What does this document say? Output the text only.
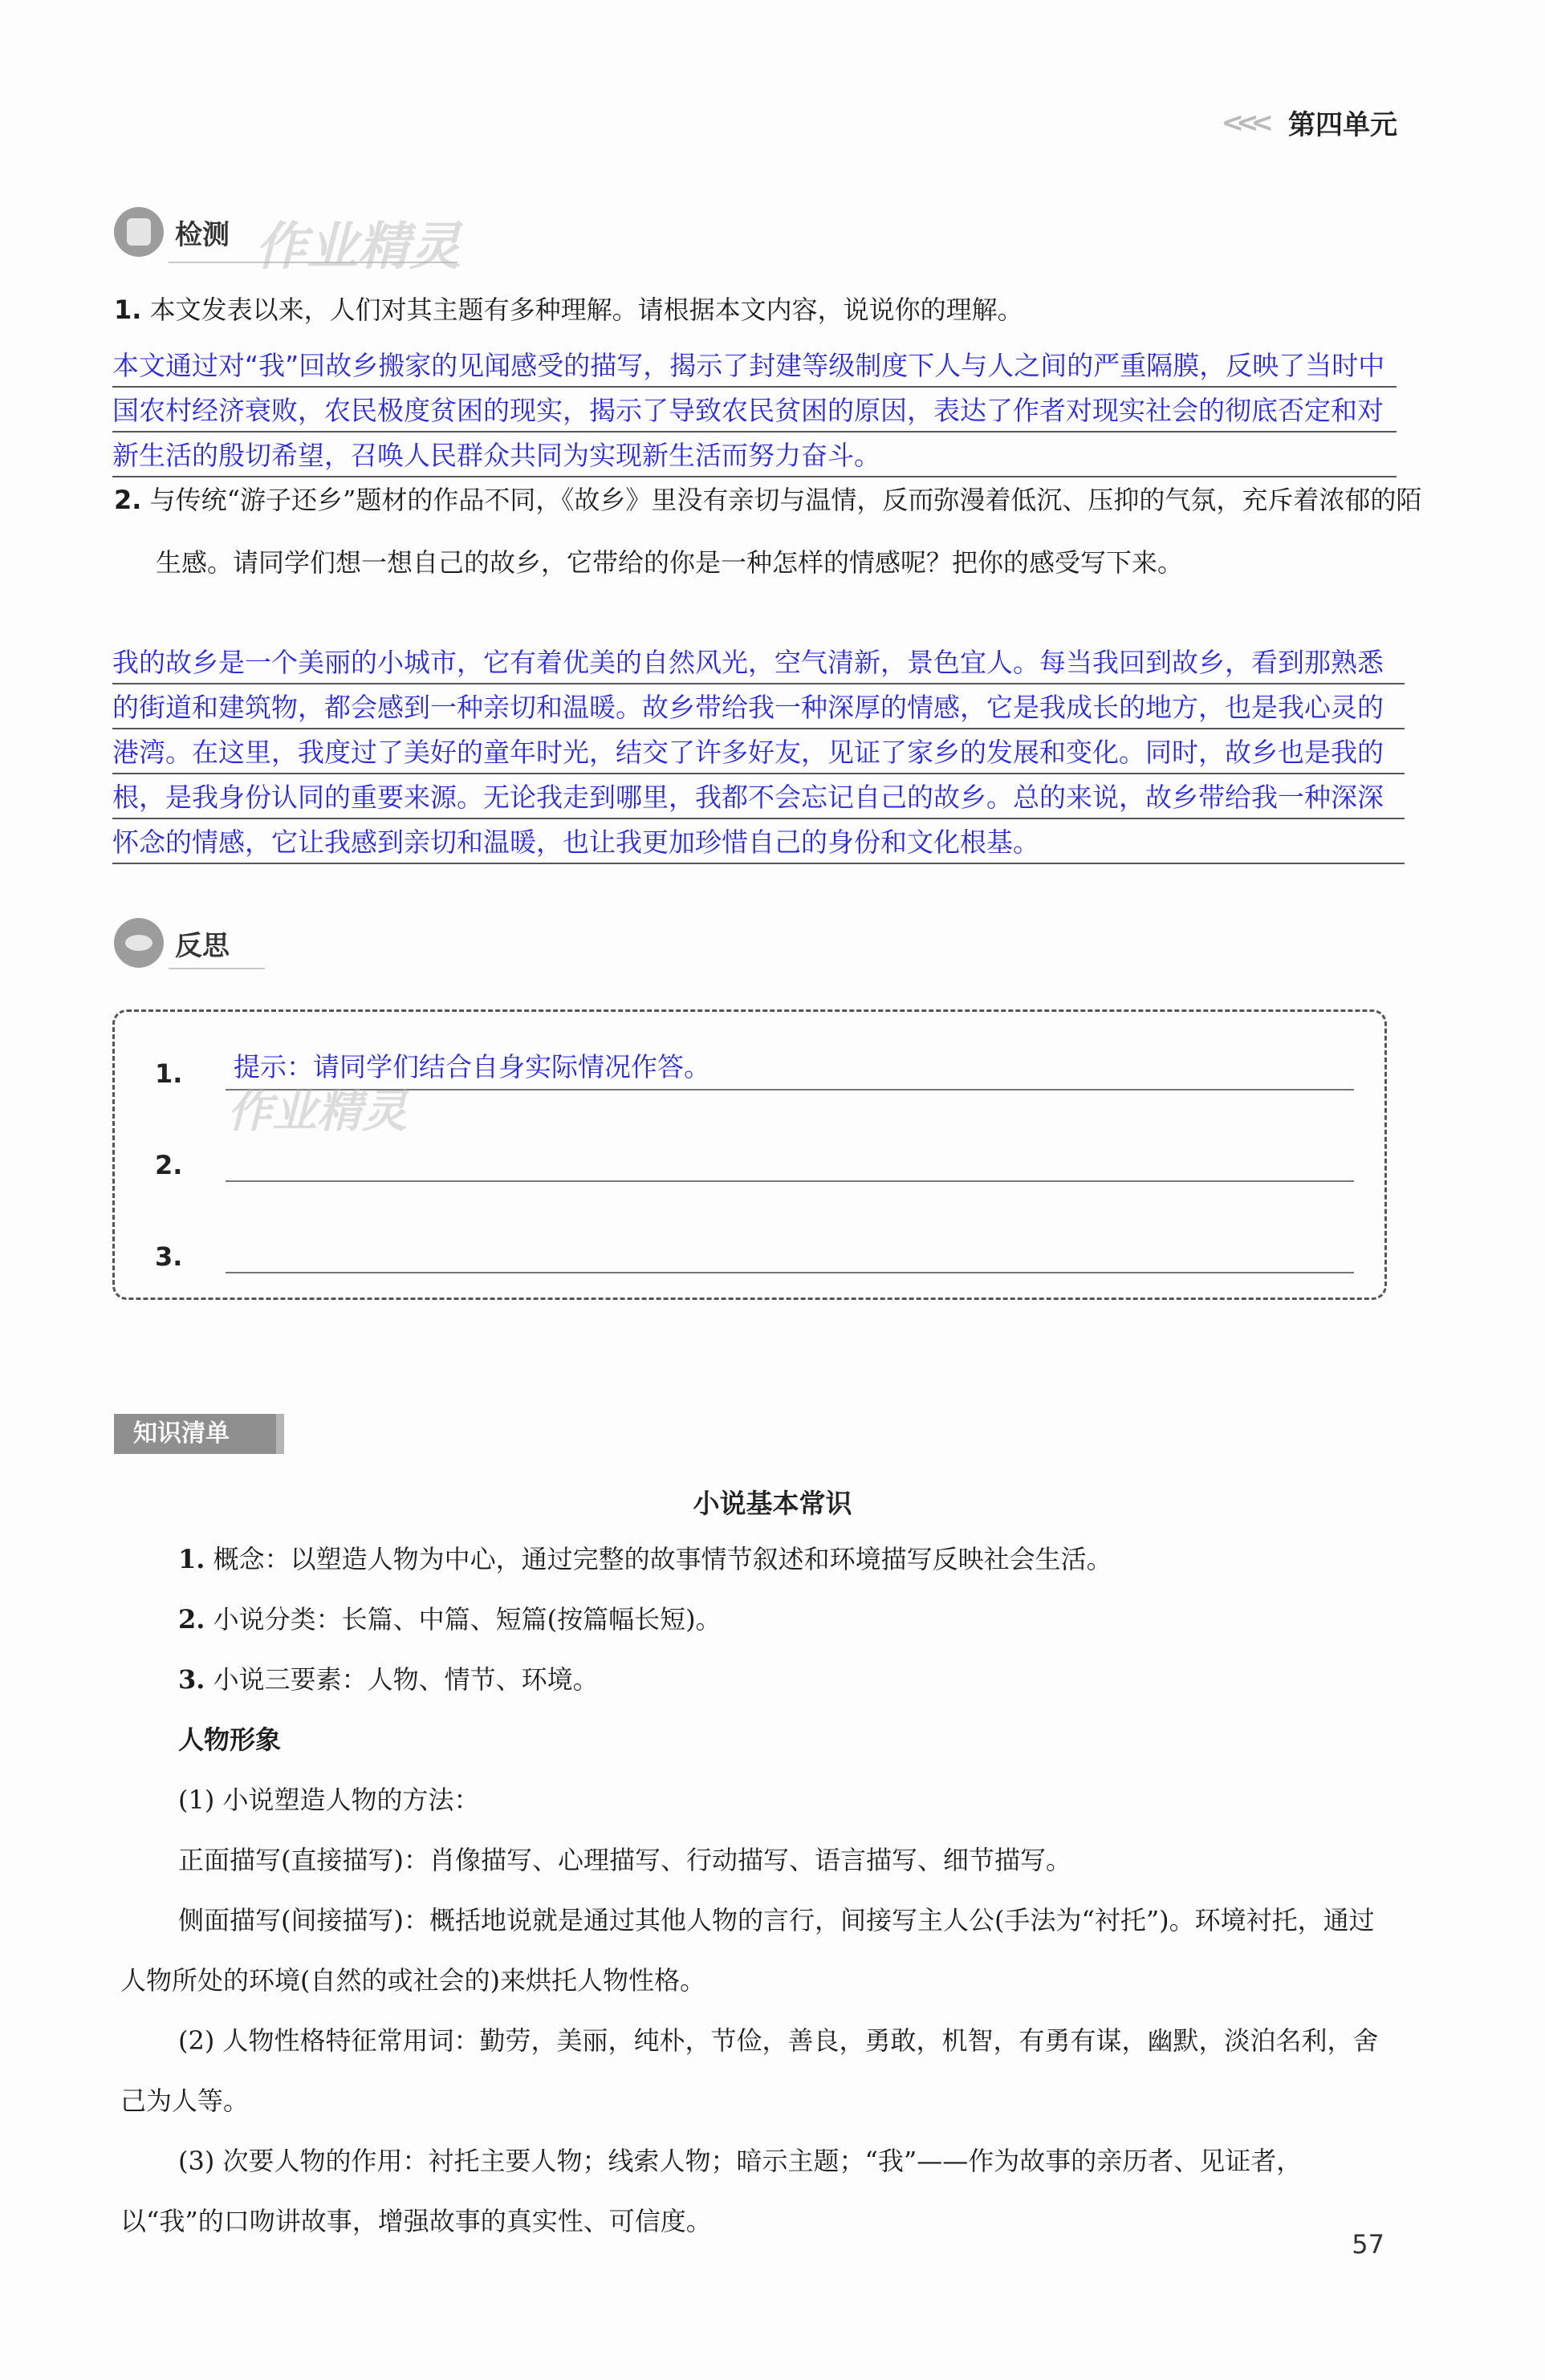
<<< 第四单元
检测 作业精灵
1. 本文发表以来，人们对其主题有多种理解。请根据本文内容，说说你的理解。
本文通过对“我”回故乡搬家的见闻感受的描写，揭示了封建等级制度下人与人之间的严重隔膜，反映了当时中国农村经济衰败，农民极度贫困的现实，揭示了导致农民贫困的原因，表达了作者对现实社会的彻底否定和对新生活的殷切希望，召唤人民群众共同为实现新生活而努力奋斗。
2. 与传统“游子还乡”题材的作品不同，《故乡》里没有亲切与温情，反而弥漫着低沉、压抑的气氛，充斥着浓郁的陌生感。请同学们想一想自己的故乡，它带给的你是一种怎样的情感呢？把你的感受写下来。
我的故乡是一个美丽的小城市，它有着优美的自然风光，空气清新，景色宜人。每当我回到故乡，看到那熟悉的街道和建筑物，都会感到一种亲切和温暖。故乡带给我一种深厚的情感，它是我成长的地方，也是我心灵的港湾。在这里，我度过了美好的童年时光，结交了许多好友，见证了家乡的发展和变化。同时，故乡也是我的根，是我身份认同的重要来源。无论我走到哪里，我都不会忘记自己的故乡。总的来说，故乡带给我一种深深怀念的情感，它让我感到亲切和温暖，也让我更加珍惜自己的身份和文化根基。
反思
1. 提示：请同学们结合自身实际情况作答。
2.
3.
作业精灵
知识清单
小说基本常识

1. 概念：以塑造人物为中心，通过完整的故事情节叙述和环境描写反映社会生活。

2. 小说分类：长篇、中篇、短篇(按篇幅长短)。

3. 小说三要素：人物、情节、环境。

人物形象

(1) 小说塑造人物的方法：

正面描写(直接描写)：肖像描写、心理描写、行动描写、语言描写、细节描写。

侧面描写(间接描写)：概括地说就是通过其他人物的言行，间接写主人公(手法为“衬托”)。环境衬托，通过人物所处的环境(自然的或社会的)来烘托人物性格。

(2) 人物性格特征常用词：勤劳，美丽，纯朴，节俭，善良，勇敢，机智，有勇有谋，幽默，淡泊名利，舍己为人等。

(3) 次要人物的作用：衬托主要人物；线索人物；暗示主题；“我”——作为故事的亲历者、见证者，以“我”的口吻讲故事，增强故事的真实性、可信度。

57
